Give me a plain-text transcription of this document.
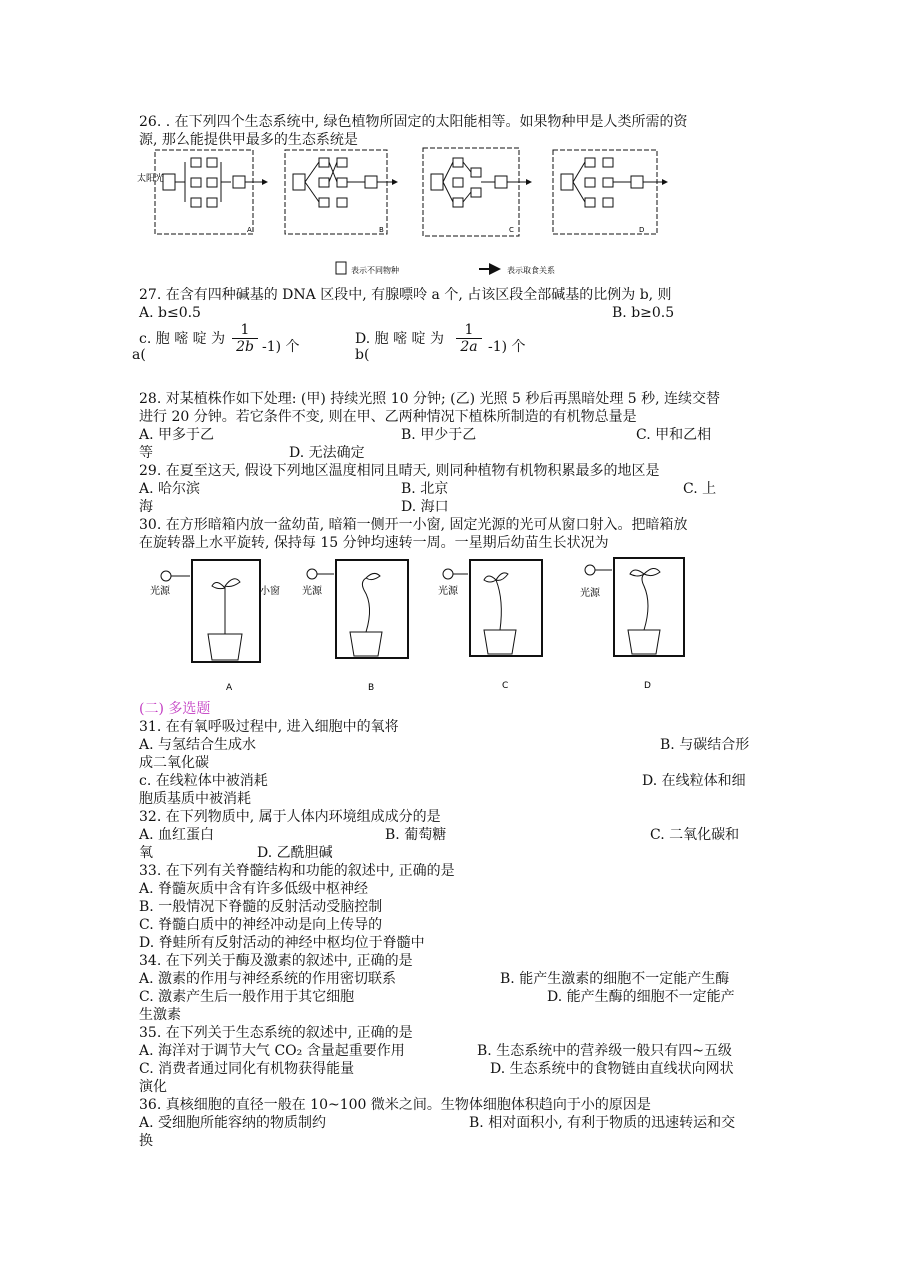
26. . 在下列四个生态系统中, 绿色植物所固定的太阳能相等。如果物种甲是人类所需的资
源, 那么能提供甲最多的生态系统是
太阳光
A	B	C	D
表示不同物种	表示取食关系
27. 在含有四种碱基的 DNA 区段中, 有腺嘌呤 a 个, 占该区段全部碱基的比例为 b, 则
A. b≤0.5	B. b≥0.5
c. 胞 嘧 啶 为
a(	$\frac{1}{2b} -1$) 个	D. 胞 嘧 啶 为
b(	$\frac{1}{2a} -1$) 个
28. 对某植株作如下处理: (甲) 持续光照 10 分钟; (乙) 光照 5 秒后再黑暗处理 5 秒, 连续交替
进行 20 分钟。若它条件不变, 则在甲、乙两种情况下植株所制造的有机物总量是
A. 甲多于乙	B. 甲少于乙	C. 甲和乙相
等	D. 无法确定
29. 在夏至这天, 假设下列地区温度相同且晴天, 则同种植物有机物积累最多的地区是
A. 哈尔滨	B. 北京	C. 上
海	D. 海口
30. 在方形暗箱内放一盆幼苗, 暗箱一侧开一小窗, 固定光源的光可从窗口射入。把暗箱放
在旋转器上水平旋转, 保持每 15 分钟均速转一周。一星期后幼苗生长状况为
光源	小窗 光源	光源	光源
A	B	C	D
(二) 多选题
31. 在有氧呼吸过程中, 进入细胞中的氧将
A. 与氢结合生成水	B. 与碳结合形
成二氧化碳
c. 在线粒体中被消耗	D. 在线粒体和细
胞质基质中被消耗
32. 在下列物质中, 属于人体内环境组成成分的是
A. 血红蛋白	B. 葡萄糖	C. 二氧化碳和
氧	D. 乙酰胆碱
33. 在下列有关脊髓结构和功能的叙述中, 正确的是
A. 脊髓灰质中含有许多低级中枢神经
B. 一般情况下脊髓的反射活动受脑控制
C. 脊髓白质中的神经冲动是向上传导的
D. 脊蛙所有反射活动的神经中枢均位于脊髓中
34. 在下列关于酶及激素的叙述中, 正确的是
A. 激素的作用与神经系统的作用密切联系	B. 能产生激素的细胞不一定能产生酶
C. 激素产生后一般作用于其它细胞	D. 能产生酶的细胞不一定能产
生激素
35. 在下列关于生态系统的叙述中, 正确的是
A. 海洋对于调节大气 CO₂ 含量起重要作用	B. 生态系统中的营养级一般只有四~五级
C. 消费者通过同化有机物获得能量	D. 生态系统中的食物链由直线状向网状
演化
36. 真核细胞的直径一般在 10~100 微米之间。生物体细胞体积趋向于小的原因是
A. 受细胞所能容纳的物质制约	B. 相对面积小, 有利于物质的迅速转运和交
换
